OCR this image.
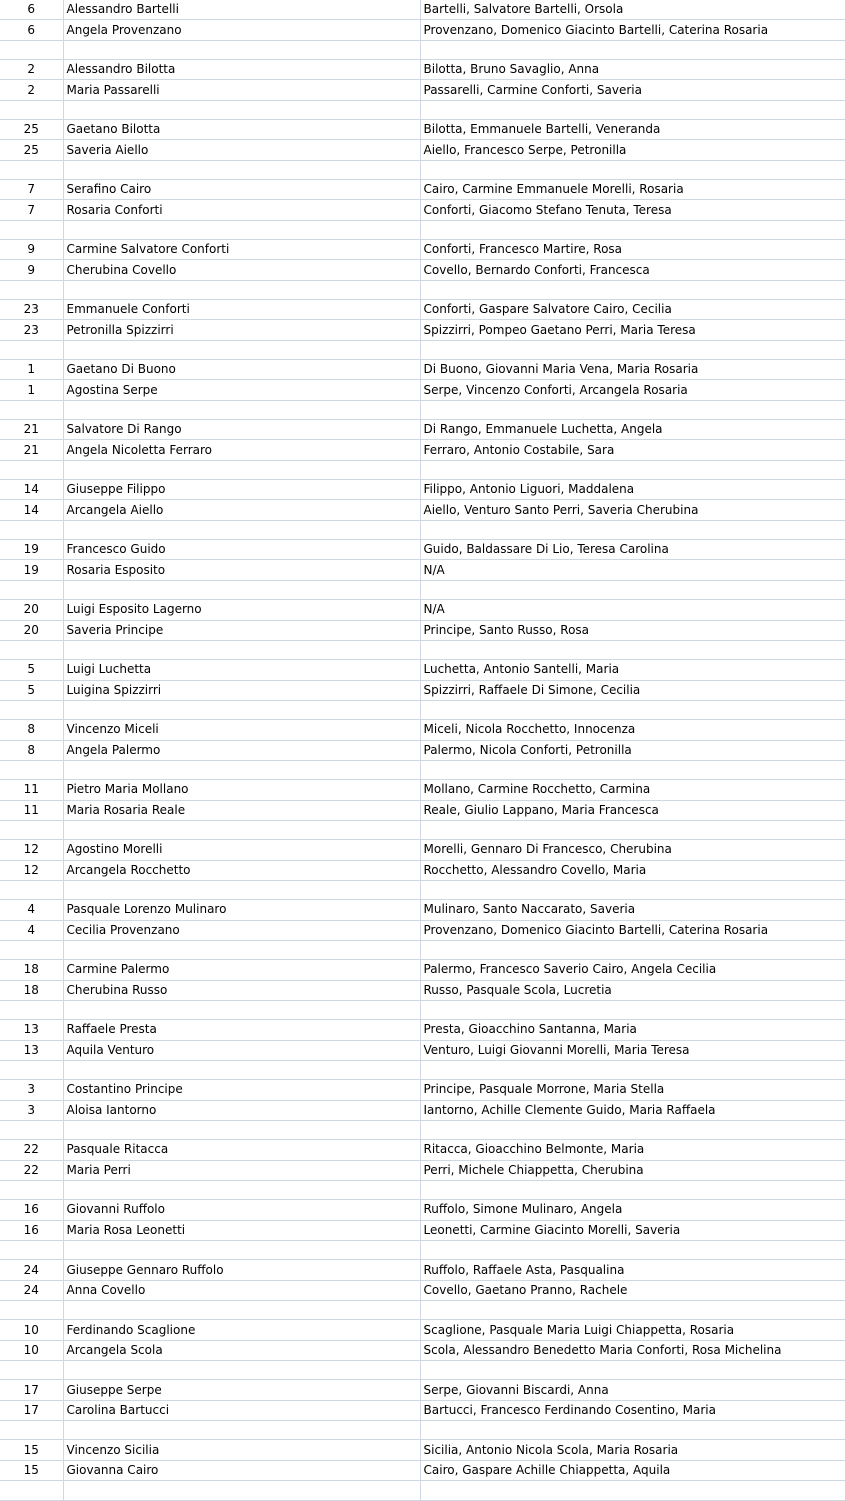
6	Alessandro Bartelli	Bartelli, Salvatore Bartelli, Orsola
6	Angela Provenzano	Provenzano, Domenico Giacinto Bartelli, Caterina Rosaria

2	Alessandro Bilotta	Bilotta, Bruno Savaglio, Anna
2	Maria Passarelli	Passarelli, Carmine Conforti, Saveria

25	Gaetano Bilotta	Bilotta, Emmanuele Bartelli, Veneranda
25	Saveria Aiello	Aiello, Francesco Serpe, Petronilla

7	Serafino Cairo	Cairo, Carmine Emmanuele Morelli, Rosaria
7	Rosaria Conforti	Conforti, Giacomo Stefano Tenuta, Teresa

9	Carmine Salvatore Conforti	Conforti, Francesco Martire, Rosa
9	Cherubina Covello	Covello, Bernardo Conforti, Francesca

23	Emmanuele Conforti	Conforti, Gaspare Salvatore Cairo, Cecilia
23	Petronilla Spizzirri	Spizzirri, Pompeo Gaetano Perri, Maria Teresa

1	Gaetano Di Buono	Di Buono, Giovanni Maria Vena, Maria Rosaria
1	Agostina Serpe	Serpe, Vincenzo Conforti, Arcangela Rosaria

21	Salvatore Di Rango	Di Rango, Emmanuele Luchetta, Angela
21	Angela Nicoletta Ferraro	Ferraro, Antonio Costabile, Sara

14	Giuseppe Filippo	Filippo, Antonio Liguori, Maddalena
14	Arcangela Aiello	Aiello, Venturo Santo Perri, Saveria Cherubina

19	Francesco Guido	Guido, Baldassare Di Lio, Teresa Carolina
19	Rosaria Esposito	N/A

20	Luigi Esposito Lagerno	N/A
20	Saveria Principe	Principe, Santo Russo, Rosa

5	Luigi Luchetta	Luchetta, Antonio Santelli, Maria
5	Luigina Spizzirri	Spizzirri, Raffaele Di Simone, Cecilia

8	Vincenzo Miceli	Miceli, Nicola Rocchetto, Innocenza
8	Angela Palermo	Palermo, Nicola Conforti, Petronilla

11	Pietro Maria Mollano	Mollano, Carmine Rocchetto, Carmina
11	Maria Rosaria Reale	Reale, Giulio Lappano, Maria Francesca

12	Agostino Morelli	Morelli, Gennaro Di Francesco, Cherubina
12	Arcangela Rocchetto	Rocchetto, Alessandro Covello, Maria

4	Pasquale Lorenzo Mulinaro	Mulinaro, Santo Naccarato, Saveria
4	Cecilia Provenzano	Provenzano, Domenico Giacinto Bartelli, Caterina Rosaria

18	Carmine Palermo	Palermo, Francesco Saverio Cairo, Angela Cecilia
18	Cherubina Russo	Russo, Pasquale Scola, Lucretia

13	Raffaele Presta	Presta, Gioacchino Santanna, Maria
13	Aquila Venturo	Venturo, Luigi Giovanni Morelli, Maria Teresa

3	Costantino Principe	Principe, Pasquale Morrone, Maria Stella
3	Aloisa Iantorno	Iantorno, Achille Clemente Guido, Maria Raffaela

22	Pasquale Ritacca	Ritacca, Gioacchino Belmonte, Maria
22	Maria Perri	Perri, Michele Chiappetta, Cherubina

16	Giovanni Ruffolo	Ruffolo, Simone Mulinaro, Angela
16	Maria Rosa Leonetti	Leonetti, Carmine Giacinto Morelli, Saveria

24	Giuseppe Gennaro Ruffolo	Ruffolo, Raffaele Asta, Pasqualina
24	Anna Covello	Covello, Gaetano Pranno, Rachele

10	Ferdinando Scaglione	Scaglione, Pasquale Maria Luigi Chiappetta, Rosaria
10	Arcangela Scola	Scola, Alessandro Benedetto Maria Conforti, Rosa Michelina

17	Giuseppe Serpe	Serpe, Giovanni Biscardi, Anna
17	Carolina Bartucci	Bartucci, Francesco Ferdinando Cosentino, Maria

15	Vincenzo Sicilia	Sicilia, Antonio Nicola Scola, Maria Rosaria
15	Giovanna Cairo	Cairo, Gaspare Achille Chiappetta, Aquila
